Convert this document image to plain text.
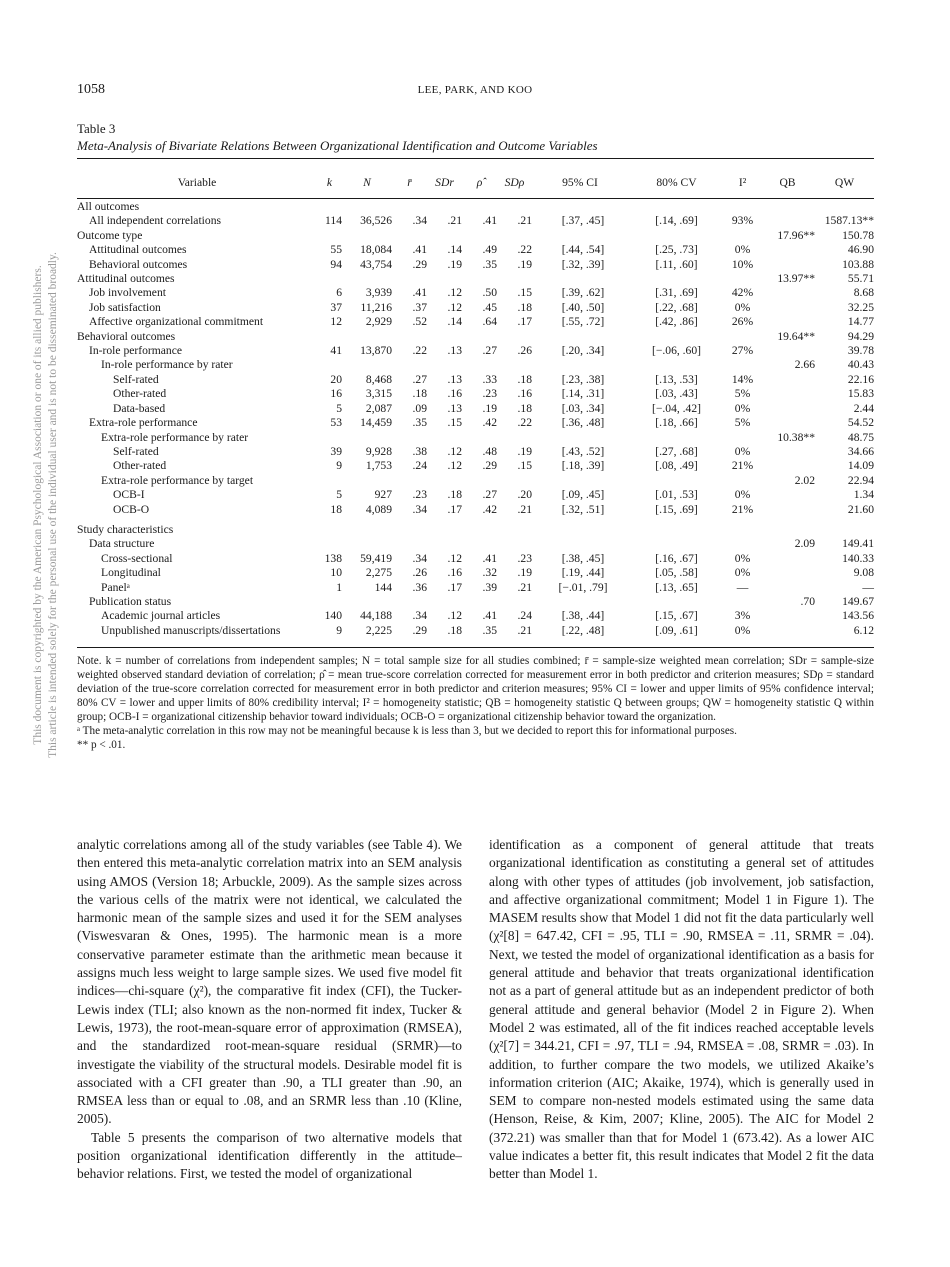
This document is copyrighted by the American Psychological Association or one of its allied publishers. This article is intended solely for the personal use of the individual user and is not to be disseminated broadly.
1058	LEE, PARK, AND KOO
Table 3
Meta-Analysis of Bivariate Relations Between Organizational Identification and Outcome Variables
Variable	k	N	r̄	SDr	ρ̂	SDρ	95% CI	80% CV	I²	QB	QW
All outcomes											
All independent correlations	114	36,526	.34	.21	.41	.21	[.37, .45]	[.14, .69]	93%		1587.13**
Outcome type										17.96**	150.78
Attitudinal outcomes	55	18,084	.41	.14	.49	.22	[.44, .54]	[.25, .73]	0%		46.90
Behavioral outcomes	94	43,754	.29	.19	.35	.19	[.32, .39]	[.11, .60]	10%		103.88
Attitudinal outcomes										13.97**	55.71
Job involvement	6	3,939	.41	.12	.50	.15	[.39, .62]	[.31, .69]	42%		8.68
Job satisfaction	37	11,216	.37	.12	.45	.18	[.40, .50]	[.22, .68]	0%		32.25
Affective organizational commitment	12	2,929	.52	.14	.64	.17	[.55, .72]	[.42, .86]	26%		14.77
Behavioral outcomes										19.64**	94.29
In-role performance	41	13,870	.22	.13	.27	.26	[.20, .34]	[−.06, .60]	27%		39.78
In-role performance by rater										2.66	40.43
Self-rated	20	8,468	.27	.13	.33	.18	[.23, .38]	[.13, .53]	14%		22.16
Other-rated	16	3,315	.18	.16	.23	.16	[.14, .31]	[.03, .43]	5%		15.83
Data-based	5	2,087	.09	.13	.19	.18	[.03, .34]	[−.04, .42]	0%		2.44
Extra-role performance	53	14,459	.35	.15	.42	.22	[.36, .48]	[.18, .66]	5%		54.52
Extra-role performance by rater										10.38**	48.75
Self-rated	39	9,928	.38	.12	.48	.19	[.43, .52]	[.27, .68]	0%		34.66
Other-rated	9	1,753	.24	.12	.29	.15	[.18, .39]	[.08, .49]	21%		14.09
Extra-role performance by target										2.02	22.94
OCB-I	5	927	.23	.18	.27	.20	[.09, .45]	[.01, .53]	0%		1.34
OCB-O	18	4,089	.34	.17	.42	.21	[.32, .51]	[.15, .69]	21%		21.60

Study characteristics											
Data structure										2.09	149.41
Cross-sectional	138	59,419	.34	.12	.41	.23	[.38, .45]	[.16, .67]	0%		140.33
Longitudinal	10	2,275	.26	.16	.32	.19	[.19, .44]	[.05, .58]	0%		9.08
Panelᵃ	1	144	.36	.17	.39	.21	[−.01, .79]	[.13, .65]	—		—
Publication status										.70	149.67
Academic journal articles	140	44,188	.34	.12	.41	.24	[.38, .44]	[.15, .67]	3%		143.56
Unpublished manuscripts/dissertations	9	2,225	.29	.18	.35	.21	[.22, .48]	[.09, .61]	0%		6.12

Note. k = number of correlations from independent samples; N = total sample size for all studies combined; r̄ = sample-size weighted mean correlation; SDr = sample-size weighted observed standard deviation of correlation; ρ̂ = mean true-score correlation corrected for measurement error in both predictor and criterion measures; SDρ = standard deviation of the true-score correlation corrected for measurement error in both predictor and criterion measures; 95% CI = lower and upper limits of 95% confidence interval; 80% CV = lower and upper limits of 80% credibility interval; I² = homogeneity statistic; QB = homogeneity statistic Q between groups; QW = homogeneity statistic Q within group; OCB-I = organizational citizenship behavior toward individuals; OCB-O = organizational citizenship behavior toward the organization.

ᵃ The meta-analytic correlation in this row may not be meaningful because k is less than 3, but we decided to report this for informational purposes.

** p < .01.

analytic correlations among all of the study variables (see Table 4). We then entered this meta-analytic correlation matrix into an SEM analysis using AMOS (Version 18; Arbuckle, 2009). As the sample sizes across the various cells of the matrix were not identical, we calculated the harmonic mean of the sample sizes and used it for the SEM analyses (Viswesvaran & Ones, 1995). The harmonic mean is a more conservative parameter estimate than the arithmetic mean because it assigns much less weight to large sample sizes. We used five model fit indices—chi-square (χ²), the comparative fit index (CFI), the Tucker-Lewis index (TLI; also known as the non-normed fit index, Tucker & Lewis, 1973), the root-mean-square error of approximation (RMSEA), and the standardized root-mean-square residual (SRMR)—to investigate the viability of the structural models. Desirable model fit is associated with a CFI greater than .90, a TLI greater than .90, an RMSEA less than or equal to .08, and an SRMR less than .10 (Kline, 2005).

Table 5 presents the comparison of two alternative models that position organizational identification differently in the attitude–behavior relations. First, we tested the model of organizational

identification as a component of general attitude that treats organizational identification as constituting a general set of attitudes along with other types of attitudes (job involvement, job satisfaction, and affective organizational commitment; Model 1 in Figure 1). The MASEM results show that Model 1 did not fit the data particularly well (χ²[8] = 647.42, CFI = .95, TLI = .90, RMSEA = .11, SRMR = .04). Next, we tested the model of organizational identification as a basis for general attitude and behavior that treats organizational identification not as a part of general attitude but as an independent predictor of both general attitude and general behavior (Model 2 in Figure 2). When Model 2 was estimated, all of the fit indices reached acceptable levels (χ²[7] = 344.21, CFI = .97, TLI = .94, RMSEA = .08, SRMR = .03). In addition, to further compare the two models, we utilized Akaike’s information criterion (AIC; Akaike, 1974), which is generally used in SEM to compare non-nested models estimated using the same data (Henson, Reise, & Kim, 2007; Kline, 2005). The AIC for Model 2 (372.21) was smaller than that for Model 1 (673.42). As a lower AIC value indicates a better fit, this result indicates that Model 2 fit the data better than Model 1.
